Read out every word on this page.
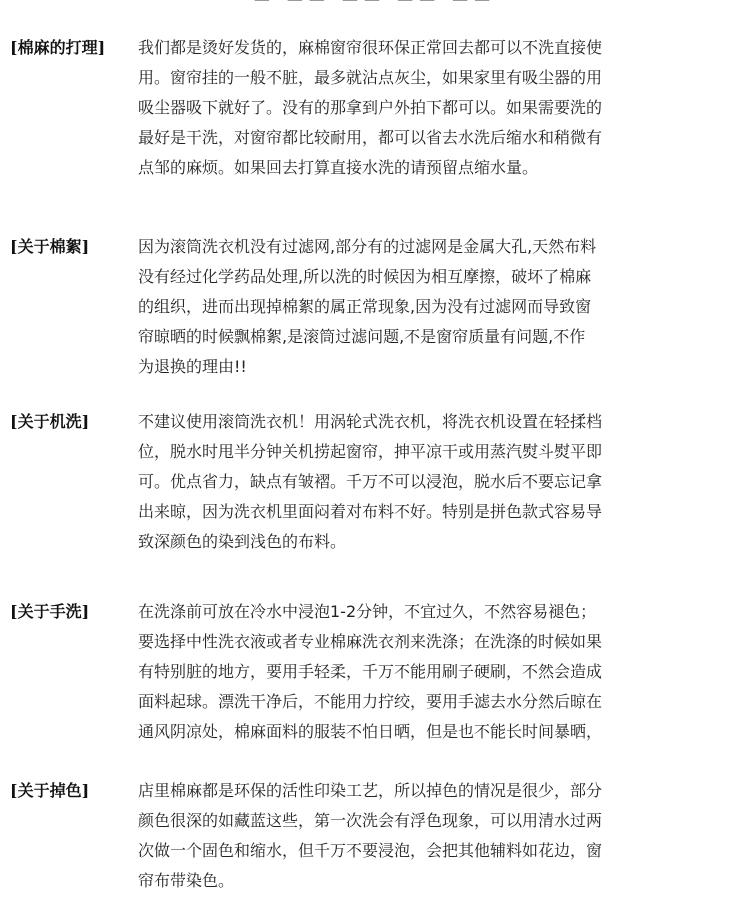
[棉麻的打理] 我们都是烫好发货的，麻棉窗帘很环保正常回去都可以不洗直接使
用。窗帘挂的一般不脏，最多就沾点灰尘，如果家里有吸尘器的用
吸尘器吸下就好了。没有的那拿到户外拍下都可以。如果需要洗的
最好是干洗，对窗帘都比较耐用，都可以省去水洗后缩水和稍微有
点邹的麻烦。如果回去打算直接水洗的请预留点缩水量。
[关于棉絮]	因为滚筒洗衣机没有过滤网,部分有的过滤网是金属大孔,天然布料
没有经过化学药品处理,所以洗的时候因为相互摩擦，破坏了棉麻
的组织，进而出现掉棉絮的属正常现象,因为没有过滤网而导致窗
帘晾晒的时候飘棉絮,是滚筒过滤问题,不是窗帘质量有问题,不作
为退换的理由!!
[关于机洗]	不建议使用滚筒洗衣机！用涡轮式洗衣机，将洗衣机设置在轻揉档
位，脱水时甩半分钟关机捞起窗帘，抻平凉干或用蒸汽熨斗熨平即
可。优点省力，缺点有皱褶。千万不可以浸泡，脱水后不要忘记拿
出来晾，因为洗衣机里面闷着对布料不好。特别是拼色款式容易导
致深颜色的染到浅色的布料。
[关于手洗]	在洗涤前可放在冷水中浸泡1-2分钟，不宜过久，不然容易褪色；
要选择中性洗衣液或者专业棉麻洗衣剂来洗涤；在洗涤的时候如果
有特别脏的地方，要用手轻柔，千万不能用刷子硬刷，不然会造成
面料起球。漂洗干净后，不能用力拧绞，要用手滤去水分然后晾在
通风阴凉处，棉麻面料的服装不怕日晒，但是也不能长时间暴晒，
[关于掉色]	店里棉麻都是环保的活性印染工艺，所以掉色的情况是很少，部分
颜色很深的如藏蓝这些，第一次洗会有浮色现象，可以用清水过两
次做一个固色和缩水，但千万不要浸泡，会把其他辅料如花边，窗
帘布带染色。
